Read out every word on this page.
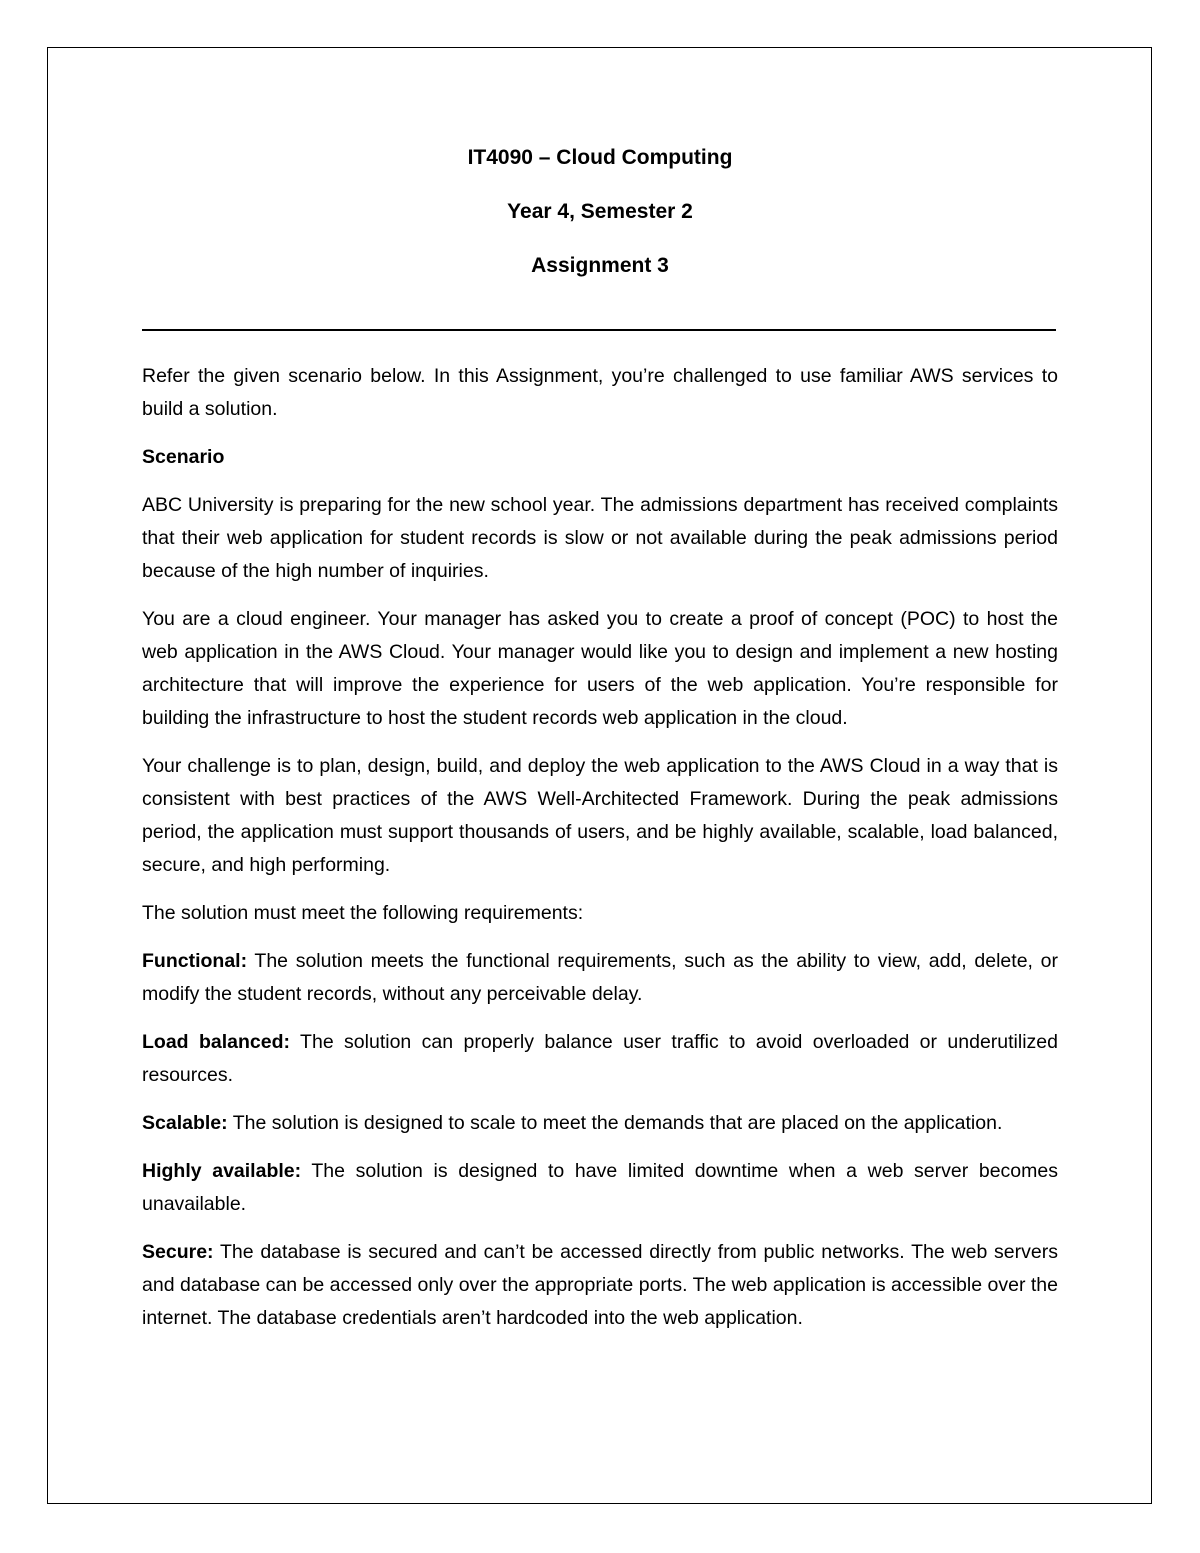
IT4090 – Cloud Computing
Year 4, Semester 2
Assignment 3

Refer the given scenario below. In this Assignment, you’re challenged to use familiar AWS services to build a solution.

Scenario

ABC University is preparing for the new school year. The admissions department has received complaints that their web application for student records is slow or not available during the peak admissions period because of the high number of inquiries.

You are a cloud engineer. Your manager has asked you to create a proof of concept (POC) to host the web application in the AWS Cloud. Your manager would like you to design and implement a new hosting architecture that will improve the experience for users of the web application. You’re responsible for building the infrastructure to host the student records web application in the cloud.

Your challenge is to plan, design, build, and deploy the web application to the AWS Cloud in a way that is consistent with best practices of the AWS Well-Architected Framework. During the peak admissions period, the application must support thousands of users, and be highly available, scalable, load balanced, secure, and high performing.

The solution must meet the following requirements:

Functional: The solution meets the functional requirements, such as the ability to view, add, delete, or modify the student records, without any perceivable delay.

Load balanced: The solution can properly balance user traffic to avoid overloaded or underutilized resources.

Scalable: The solution is designed to scale to meet the demands that are placed on the application.

Highly available: The solution is designed to have limited downtime when a web server becomes unavailable.

Secure: The database is secured and can’t be accessed directly from public networks. The web servers and database can be accessed only over the appropriate ports. The web application is accessible over the internet. The database credentials aren’t hardcoded into the web application.
